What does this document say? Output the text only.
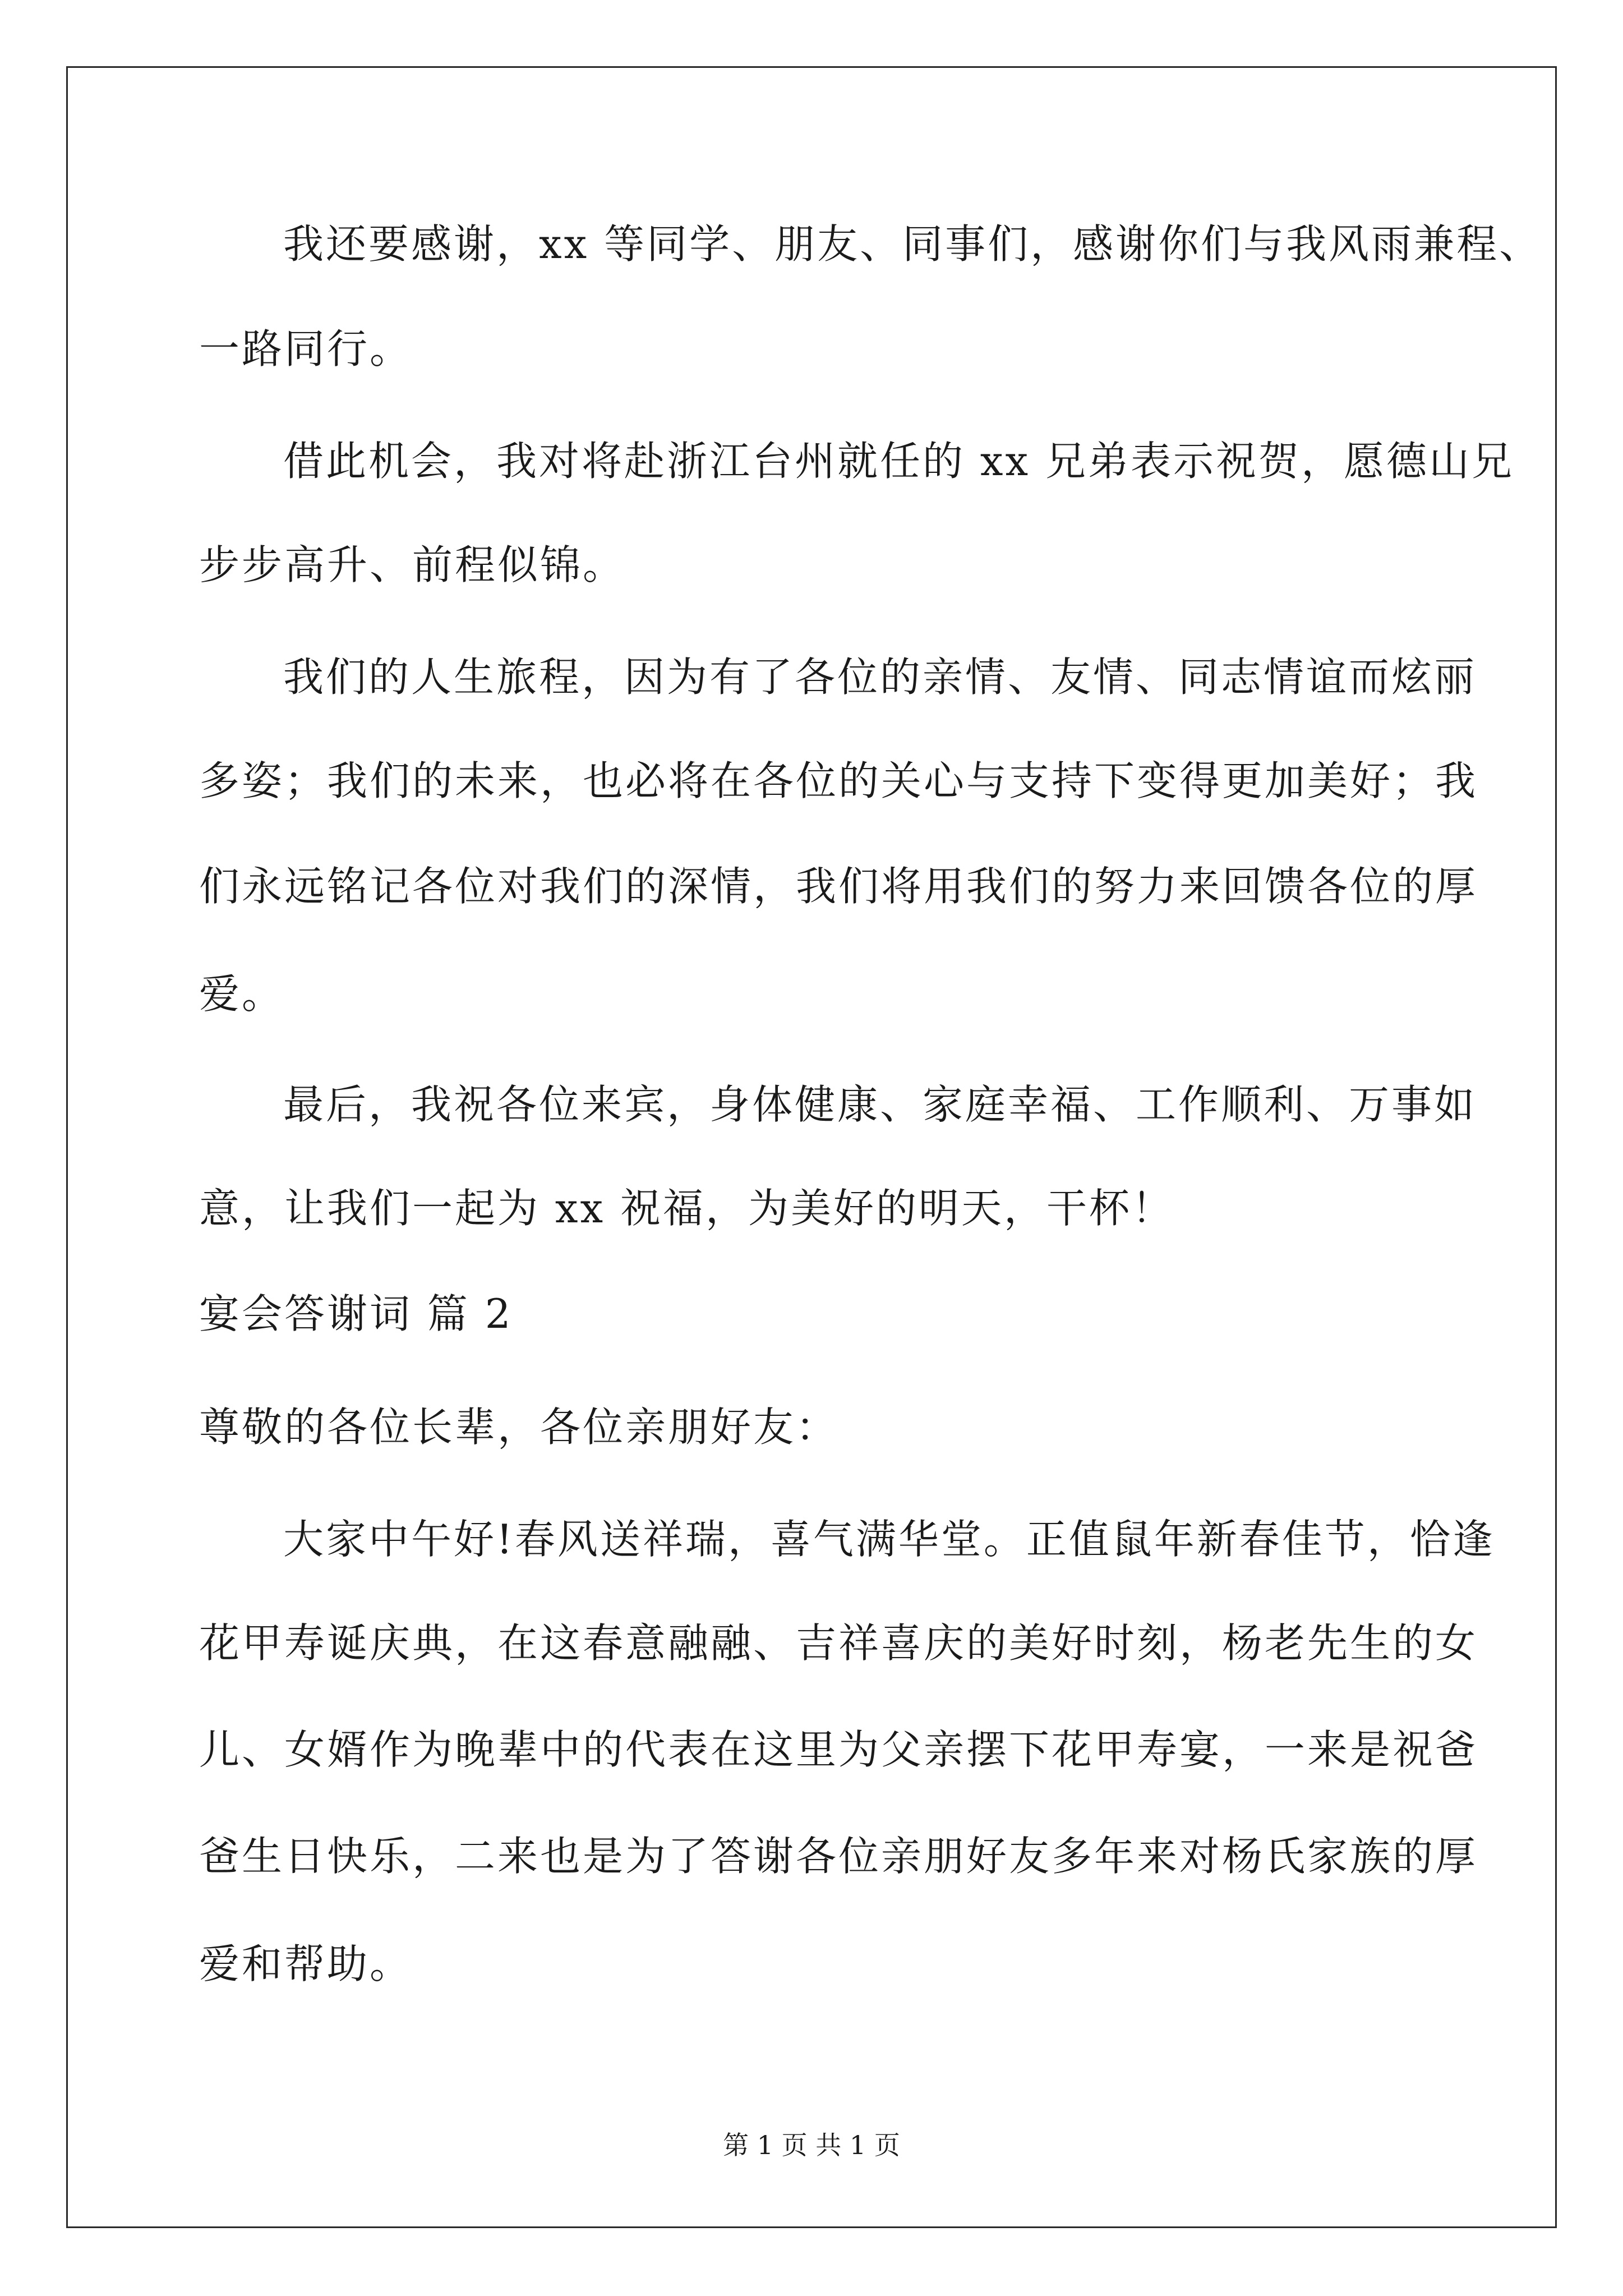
我还要感谢，xx 等同学、朋友、同事们，感谢你们与我风雨兼程、
一路同行。
借此机会，我对将赴浙江台州就任的 xx 兄弟表示祝贺，愿德山兄
步步高升、前程似锦。
我们的人生旅程，因为有了各位的亲情、友情、同志情谊而炫丽
多姿；我们的未来，也必将在各位的关心与支持下变得更加美好；我
们永远铭记各位对我们的深情，我们将用我们的努力来回馈各位的厚
爱。
最后，我祝各位来宾，身体健康、家庭幸福、工作顺利、万事如
意，让我们一起为 xx 祝福，为美好的明天，干杯！
宴会答谢词 篇 2
尊敬的各位长辈，各位亲朋好友：
大家中午好!春风送祥瑞，喜气满华堂。正值鼠年新春佳节，恰逢
花甲寿诞庆典，在这春意融融、吉祥喜庆的美好时刻，杨老先生的女
儿、女婿作为晚辈中的代表在这里为父亲摆下花甲寿宴，一来是祝爸
爸生日快乐，二来也是为了答谢各位亲朋好友多年来对杨氏家族的厚
爱和帮助。
第 1 页 共 1 页
